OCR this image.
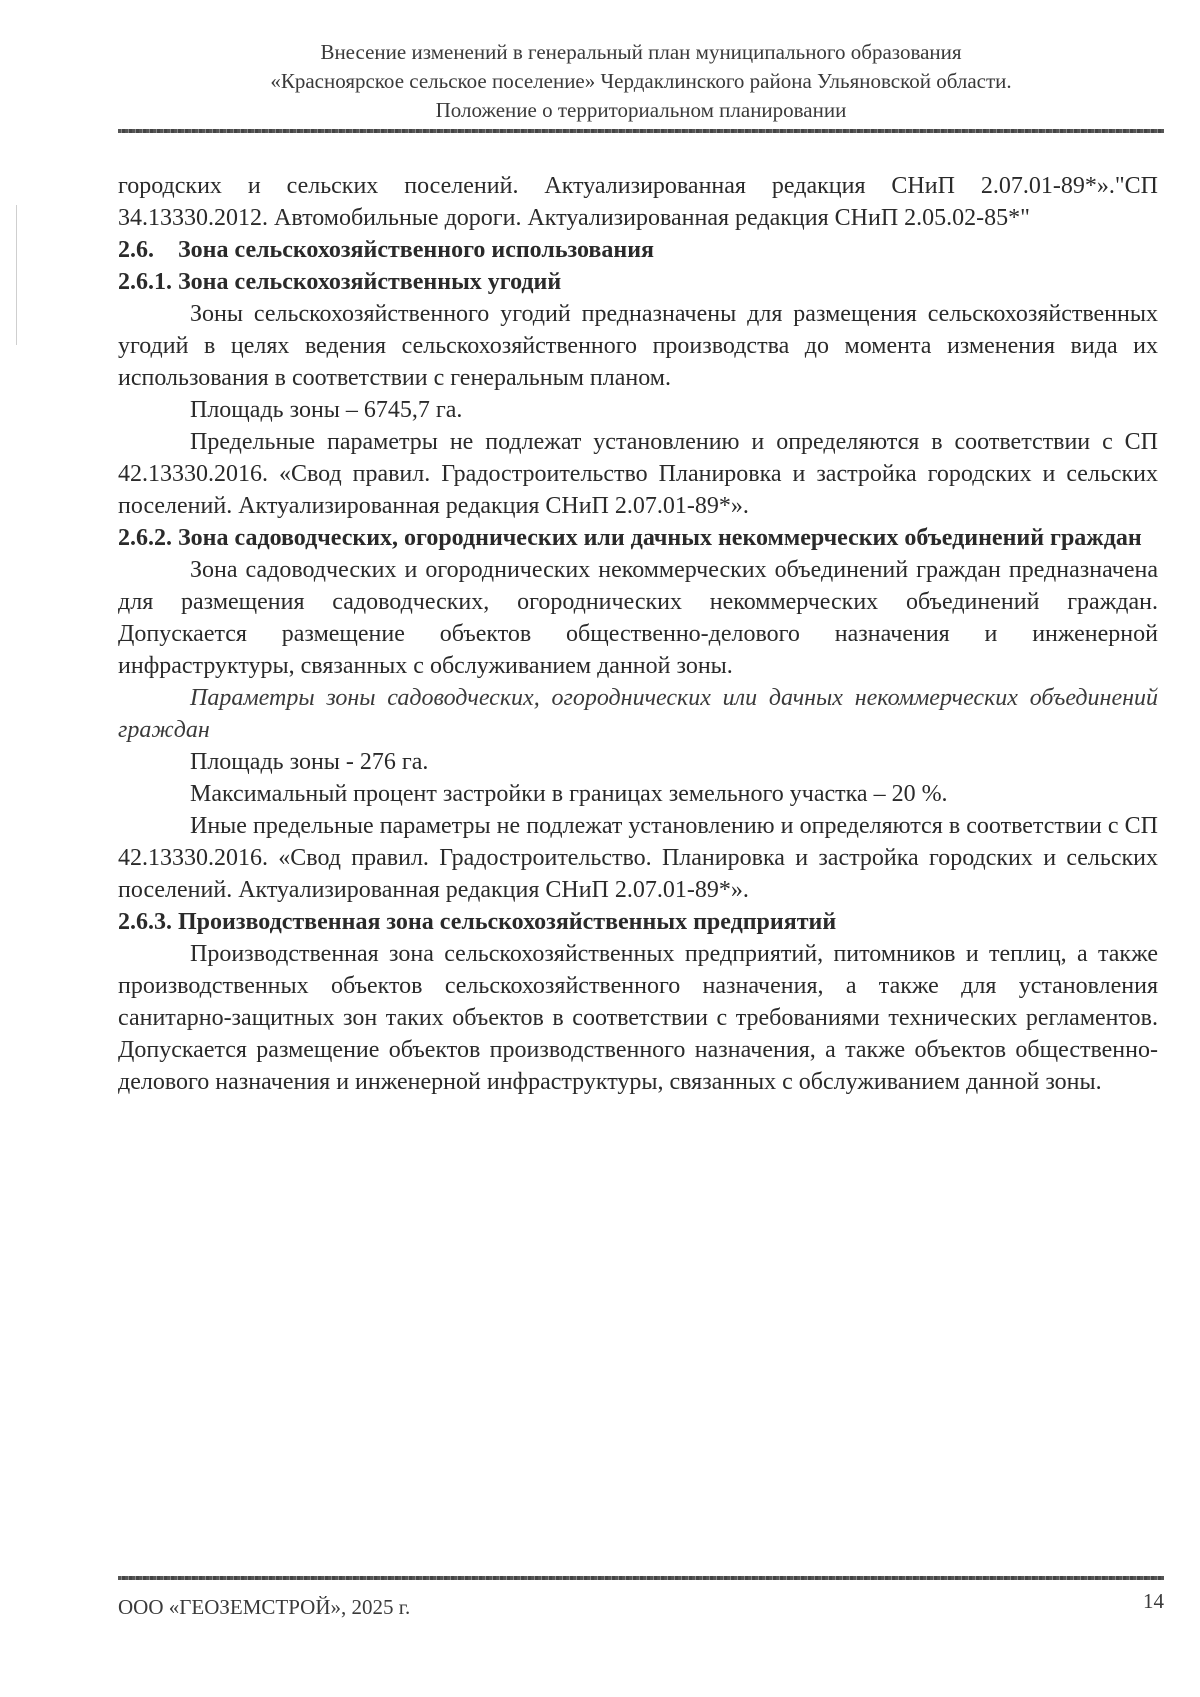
Внесение изменений в генеральный план муниципального образования
«Красноярское сельское поселение» Чердаклинского района Ульяновской области.
Положение о территориальном планировании

городских и сельских поселений. Актуализированная редакция СНиП 2.07.01-89*»."СП 34.13330.2012. Автомобильные дороги. Актуализированная редакция СНиП 2.05.02-85*"

2.6. Зона сельскохозяйственного использования

2.6.1. Зона сельскохозяйственных угодий

Зоны сельскохозяйственного угодий предназначены для размещения сельскохозяйственных угодий в целях ведения сельскохозяйственного производства до момента изменения вида их использования в соответствии с генеральным планом.

Площадь зоны – 6745,7 га.

Предельные параметры не подлежат установлению и определяются в соответствии с СП 42.13330.2016. «Свод правил. Градостроительство Планировка и застройка городских и сельских поселений. Актуализированная редакция СНиП 2.07.01-89*».

2.6.2. Зона садоводческих, огороднических или дачных некоммерческих объединений граждан

Зона садоводческих и огороднических некоммерческих объединений граждан предназначена для размещения садоводческих, огороднических некоммерческих объединений граждан. Допускается размещение объектов общественно-делового назначения и инженерной инфраструктуры, связанных с обслуживанием данной зоны.

Параметры зоны садоводческих, огороднических или дачных некоммерческих объединений граждан

Площадь зоны - 276 га.

Максимальный процент застройки в границах земельного участка – 20 %.

Иные предельные параметры не подлежат установлению и определяются в соответствии с СП 42.13330.2016. «Свод правил. Градостроительство. Планировка и застройка городских и сельских поселений. Актуализированная редакция СНиП 2.07.01-89*».

2.6.3. Производственная зона сельскохозяйственных предприятий

Производственная зона сельскохозяйственных предприятий, питомников и теплиц, а также производственных объектов сельскохозяйственного назначения, а также для установления санитарно-защитных зон таких объектов в соответствии с требованиями технических регламентов. Допускается размещение объектов производственного назначения, а также объектов общественно-делового назначения и инженерной инфраструктуры, связанных с обслуживанием данной зоны.

ООО «ГЕОЗЕМСТРОЙ», 2025 г.	14
